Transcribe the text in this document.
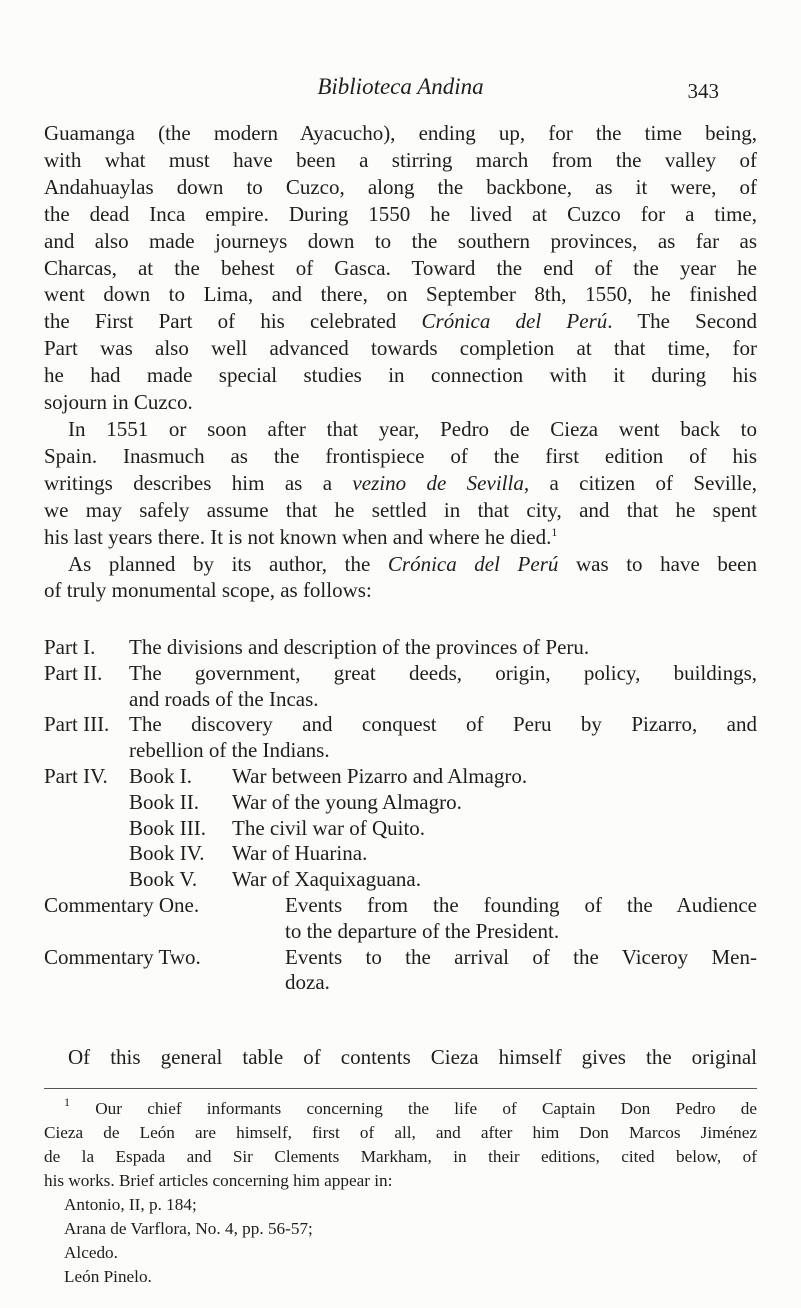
Biblioteca Andina	343
Guamanga (the modern Ayacucho), ending up, for the time being,
with what must have been a stirring march from the valley of
Andahuaylas down to Cuzco, along the backbone, as it were, of
the dead Inca empire. During 1550 he lived at Cuzco for a time,
and also made journeys down to the southern provinces, as far as
Charcas, at the behest of Gasca. Toward the end of the year he
went down to Lima, and there, on September 8th, 1550, he finished
the First Part of his celebrated Crónica del Perú. The Second
Part was also well advanced towards completion at that time, for
he had made special studies in connection with it during his
sojourn in Cuzco.
In 1551 or soon after that year, Pedro de Cieza went back to
Spain. Inasmuch as the frontispiece of the first edition of his
writings describes him as a vezino de Sevilla, a citizen of Seville,
we may safely assume that he settled in that city, and that he spent
his last years there. It is not known when and where he died.$^1$
As planned by its author, the Crónica del Perú was to have been
of truly monumental scope, as follows:
Part I. The divisions and description of the provinces of Peru.
Part II. The government, great deeds, origin, policy, buildings,
and roads of the Incas.
Part III. The discovery and conquest of Peru by Pizarro, and
rebellion of the Indians.
Part IV. Book I. War between Pizarro and Almagro.
Book II. War of the young Almagro.
Book III. The civil war of Quito.
Book IV. War of Huarina.
Book V. War of Xaquixaguana.
Commentary One.	Events from the founding of the Audience
to the departure of the President.
Commentary Two.	Events to the arrival of the Viceroy Men-
doza.
Of this general table of contents Cieza himself gives the original
$^1$ Our chief informants concerning the life of Captain Don Pedro de
Cieza de León are himself, first of all, and after him Don Marcos Jiménez
de la Espada and Sir Clements Markham, in their editions, cited below, of
his works. Brief articles concerning him appear in:
Antonio, II, p. 184;
Arana de Varflora, No. 4, pp. 56-57;
Alcedo.
León Pinelo.
